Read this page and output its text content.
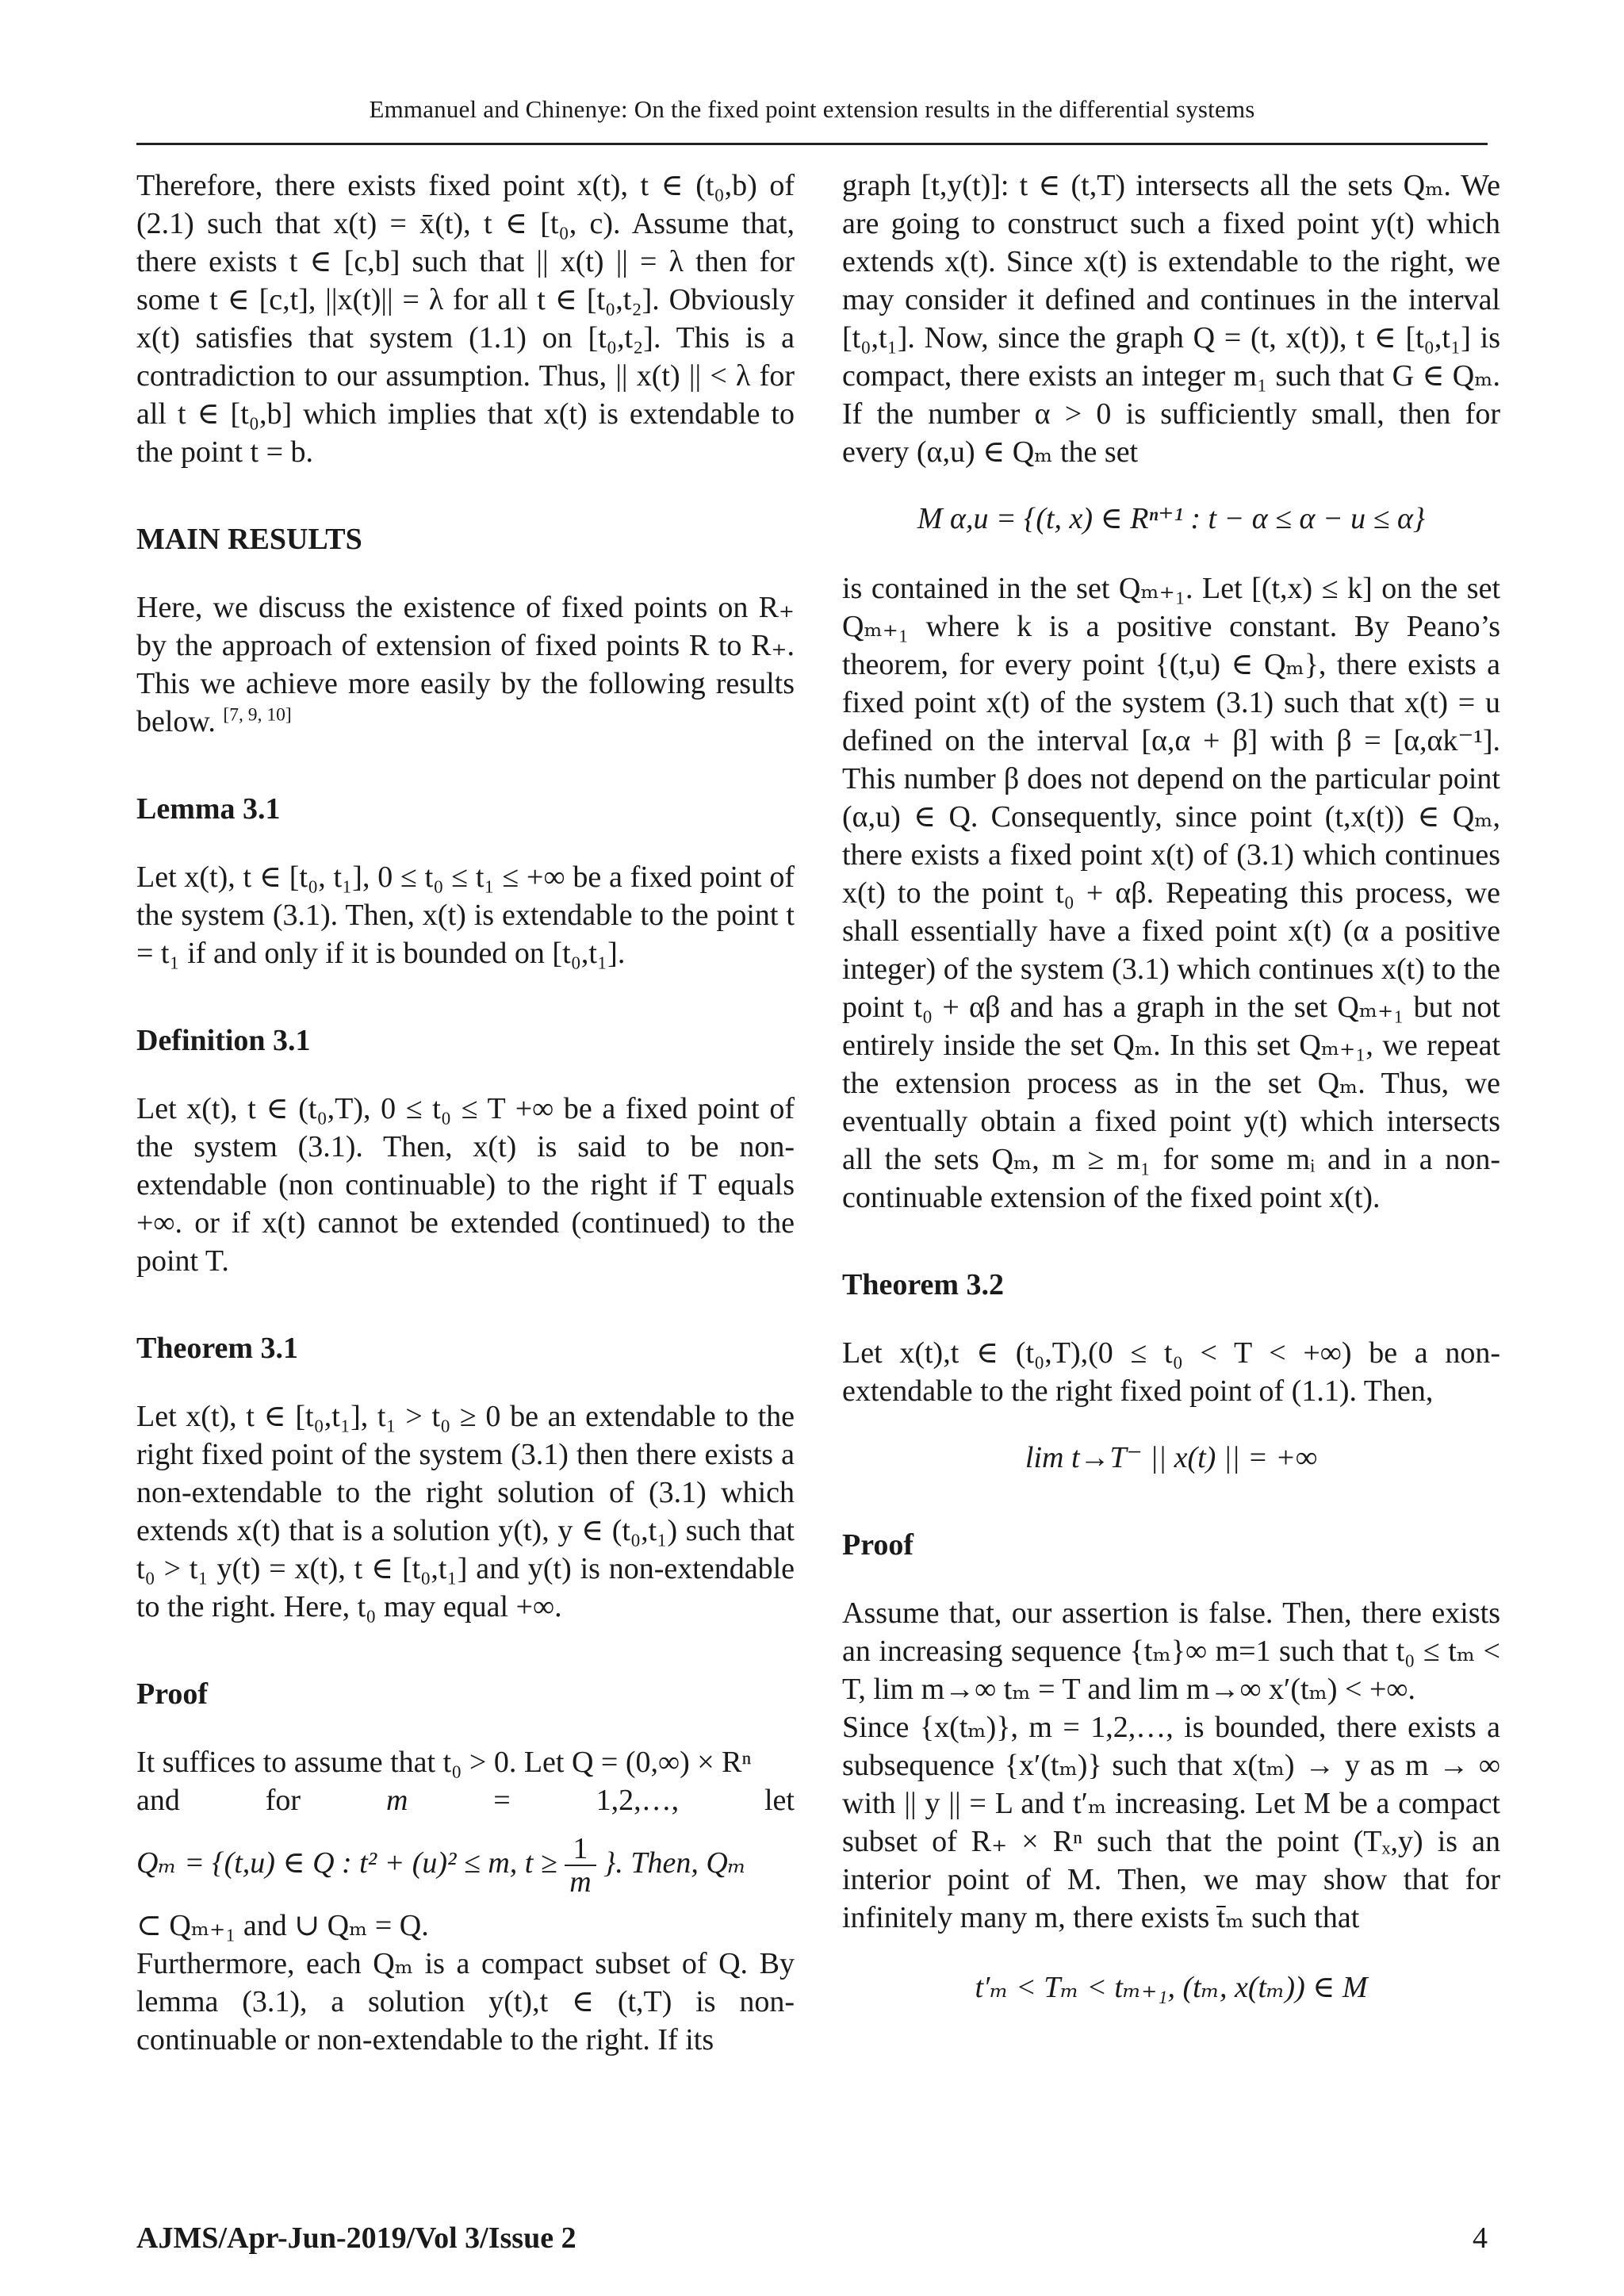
Emmanuel and Chinenye: On the fixed point extension results in the differential systems

Therefore, there exists fixed point x(t), t ∈ (t₀,b) of (2.1) such that x(t) = x̄(t), t ∈ [t₀, c). Assume that, there exists t ∈ [c,b] such that || x(t) || = λ then for some t ∈ [c,t], ||x(t)|| = λ for all t ∈ [t₀,t₂]. Obviously x(t) satisfies that system (1.1) on [t₀,t₂]. This is a contradiction to our assumption. Thus, || x(t) || < λ for all t ∈ [t₀,b] which implies that x(t) is extendable to the point t = b.

MAIN RESULTS

Here, we discuss the existence of fixed points on R₊ by the approach of extension of fixed points R to R₊. This we achieve more easily by the following results below. [7, 9, 10]

Lemma 3.1

Let x(t), t ∈ [t₀, t₁], 0 ≤ t₀ ≤ t₁ ≤ +∞ be a fixed point of the system (3.1). Then, x(t) is extendable to the point t = t₁ if and only if it is bounded on [t₀,t₁].

Definition 3.1

Let x(t), t ∈ (t₀,T), 0 ≤ t₀ ≤ T +∞ be a fixed point of the system (3.1). Then, x(t) is said to be non-extendable (non continuable) to the right if T equals +∞. or if x(t) cannot be extended (continued) to the point T.

Theorem 3.1

Let x(t), t ∈ [t₀,t₁], t₁ > t₀ ≥ 0 be an extendable to the right fixed point of the system (3.1) then there exists a non-extendable to the right solution of (3.1) which extends x(t) that is a solution y(t), y ∈ (t₀,t₁) such that t₀ > t₁ y(t) = x(t), t ∈ [t₀,t₁] and y(t) is non-extendable to the right. Here, t₀ may equal +∞.

Proof

It suffices to assume that t₀ > 0. Let Q = (0,∞) × Rⁿ

and	for	m	=	1,2,…,	let

Qₘ = {(t,u) ∈ Q : t² + (u)² ≤ m, $t \ge \frac{1}{m}$ }. Then, Qₘ

⊂ Qₘ₊₁ and ∪ Qₘ = Q.

Furthermore, each Qₘ is a compact subset of Q. By lemma (3.1), a solution y(t),t ∈ (t,T) is non-continuable or non-extendable to the right. If its

graph [t,y(t)]: t ∈ (t,T) intersects all the sets Qₘ. We are going to construct such a fixed point y(t) which extends x(t). Since x(t) is extendable to the right, we may consider it defined and continues in the interval [t₀,t₁]. Now, since the graph Q = (t, x(t)), t ∈ [t₀,t₁] is compact, there exists an integer m₁ such that G ∈ Qₘ. If the number α > 0 is sufficiently small, then for every (α,u) ∈ Qₘ the set

M α,u = {(t, x) ∈ Rⁿ⁺¹ : t − α ≤ α − u ≤ α}

is contained in the set Qₘ₊₁. Let [(t,x) ≤ k] on the set Qₘ₊₁ where k is a positive constant. By Peano’s theorem, for every point {(t,u) ∈ Qₘ}, there exists a fixed point x(t) of the system (3.1) such that x(t) = u defined on the interval [α,α + β] with β = [α,αk⁻¹]. This number β does not depend on the particular point (α,u) ∈ Q. Consequently, since point (t,x(t)) ∈ Qₘ, there exists a fixed point x(t) of (3.1) which continues x(t) to the point t₀ + αβ. Repeating this process, we shall essentially have a fixed point x(t) (α a positive integer) of the system (3.1) which continues x(t) to the point t₀ + αβ and has a graph in the set Qₘ₊₁ but not entirely inside the set Qₘ. In this set Qₘ₊₁, we repeat the extension process as in the set Qₘ. Thus, we eventually obtain a fixed point y(t) which intersects all the sets Qₘ, m ≥ m₁ for some mᵢ and in a non-continuable extension of the fixed point x(t).

Theorem 3.2

Let x(t),t ∈ (t₀,T),(0 ≤ t₀ < T < +∞) be a non-extendable to the right fixed point of (1.1). Then,

lim t→T⁻ || x(t) || = +∞

Proof

Assume that, our assertion is false. Then, there exists an increasing sequence {tₘ}∞ m=1 such that t₀ ≤ tₘ < T, lim m→∞ tₘ = T and lim m→∞ x′(tₘ) < +∞.

Since {x(tₘ)}, m = 1,2,…, is bounded, there exists a subsequence {x′(tₘ)} such that x(tₘ) → y as m → ∞ with || y || = L and t′ₘ increasing. Let M be a compact subset of R₊ × Rⁿ such that the point (Tₓ,y) is an interior point of M. Then, we may show that for infinitely many m, there exists t̄ₘ such that

t′ₘ < Tₘ < tₘ₊₁, (tₘ, x(tₘ)) ∈ M

AJMS/Apr-Jun-2019/Vol 3/Issue 2	4
